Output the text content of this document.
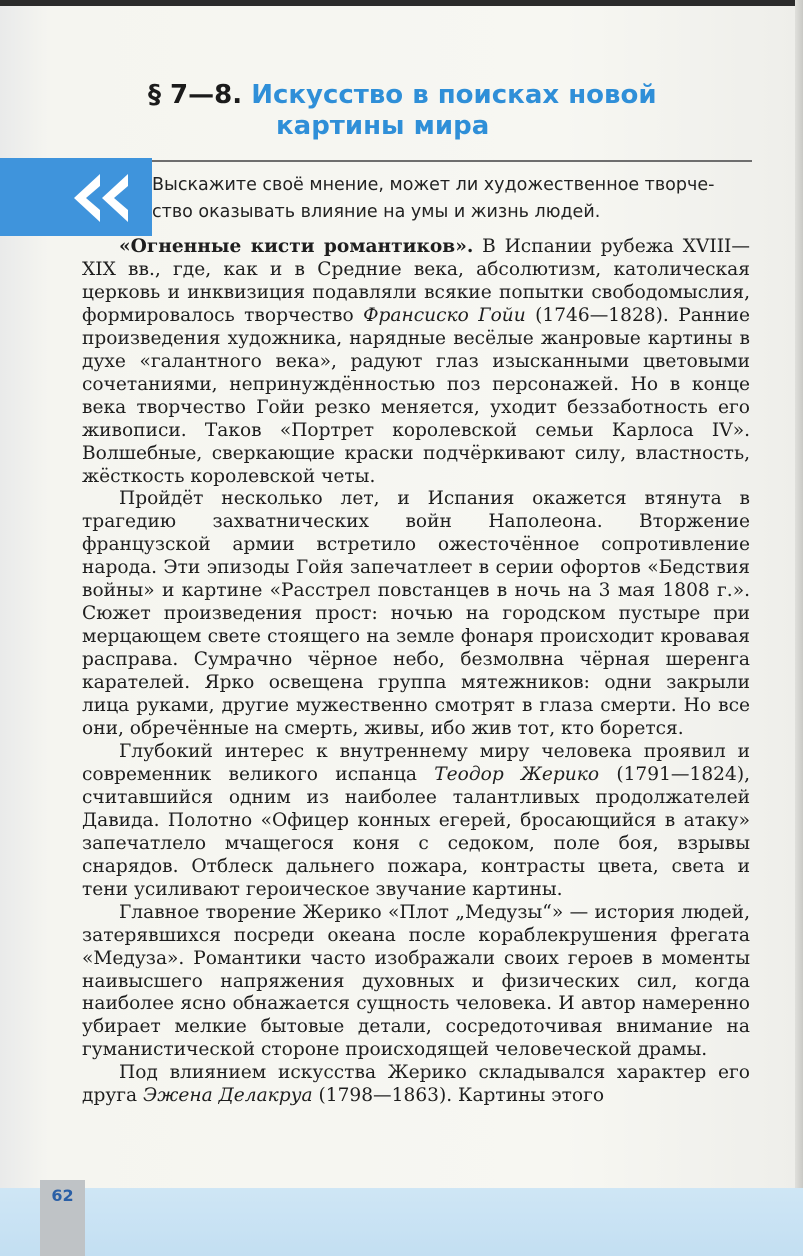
§ 7—8. Искусство в поисках новой
картины мира
Выскажите своё мнение, может ли художественное творче-
ство оказывать влияние на умы и жизнь людей.

«Огненные кисти романтиков». В Испании рубежа XVIII—XIX вв., где, как и в Средние века, абсолютизм, католическая церковь и инквизиция подавляли всякие попытки свободомыслия, формировалось творчество Франсиско Гойи (1746—1828). Ранние произведения художника, нарядные весёлые жанровые картины в духе «галантного века», радуют глаз изысканными цветовыми сочетаниями, непринуждённостью поз персонажей. Но в конце века творчество Гойи резко меняется, уходит беззаботность его живописи. Таков «Портрет королевской семьи Карлоса IV». Волшебные, сверкающие краски подчёркивают силу, властность, жёсткость королевской четы.

Пройдёт несколько лет, и Испания окажется втянута в трагедию захватнических войн Наполеона. Вторжение французской армии встретило ожесточённое сопротивление народа. Эти эпизоды Гойя запечатлеет в серии офортов «Бедствия войны» и картине «Расстрел повстанцев в ночь на 3 мая 1808 г.». Сюжет произведения прост: ночью на городском пустыре при мерцающем свете стоящего на земле фонаря происходит кровавая расправа. Сумрачно чёрное небо, безмолвна чёрная шеренга карателей. Ярко освещена группа мятежников: одни закрыли лица руками, другие мужественно смотрят в глаза смерти. Но все они, обречённые на смерть, живы, ибо жив тот, кто борется.

Глубокий интерес к внутреннему миру человека проявил и современник великого испанца Теодор Жерико (1791—1824), считавшийся одним из наиболее талантливых продолжателей Давида. Полотно «Офицер конных егерей, бросающийся в атаку» запечатлело мчащегося коня с седоком, поле боя, взрывы снарядов. Отблеск дальнего пожара, контрасты цвета, света и тени усиливают героическое звучание картины.

Главное творение Жерико «Плот „Медузы“» — история людей, затерявшихся посреди океана после кораблекрушения фрегата «Медуза». Романтики часто изображали своих героев в моменты наивысшего напряжения духовных и физических сил, когда наиболее ясно обнажается сущность человека. И автор намеренно убирает мелкие бытовые детали, сосредоточивая внимание на гуманистической стороне происходящей человеческой драмы.

Под влиянием искусства Жерико складывался характер его друга Эжена Делакруа (1798—1863). Картины этого

62
